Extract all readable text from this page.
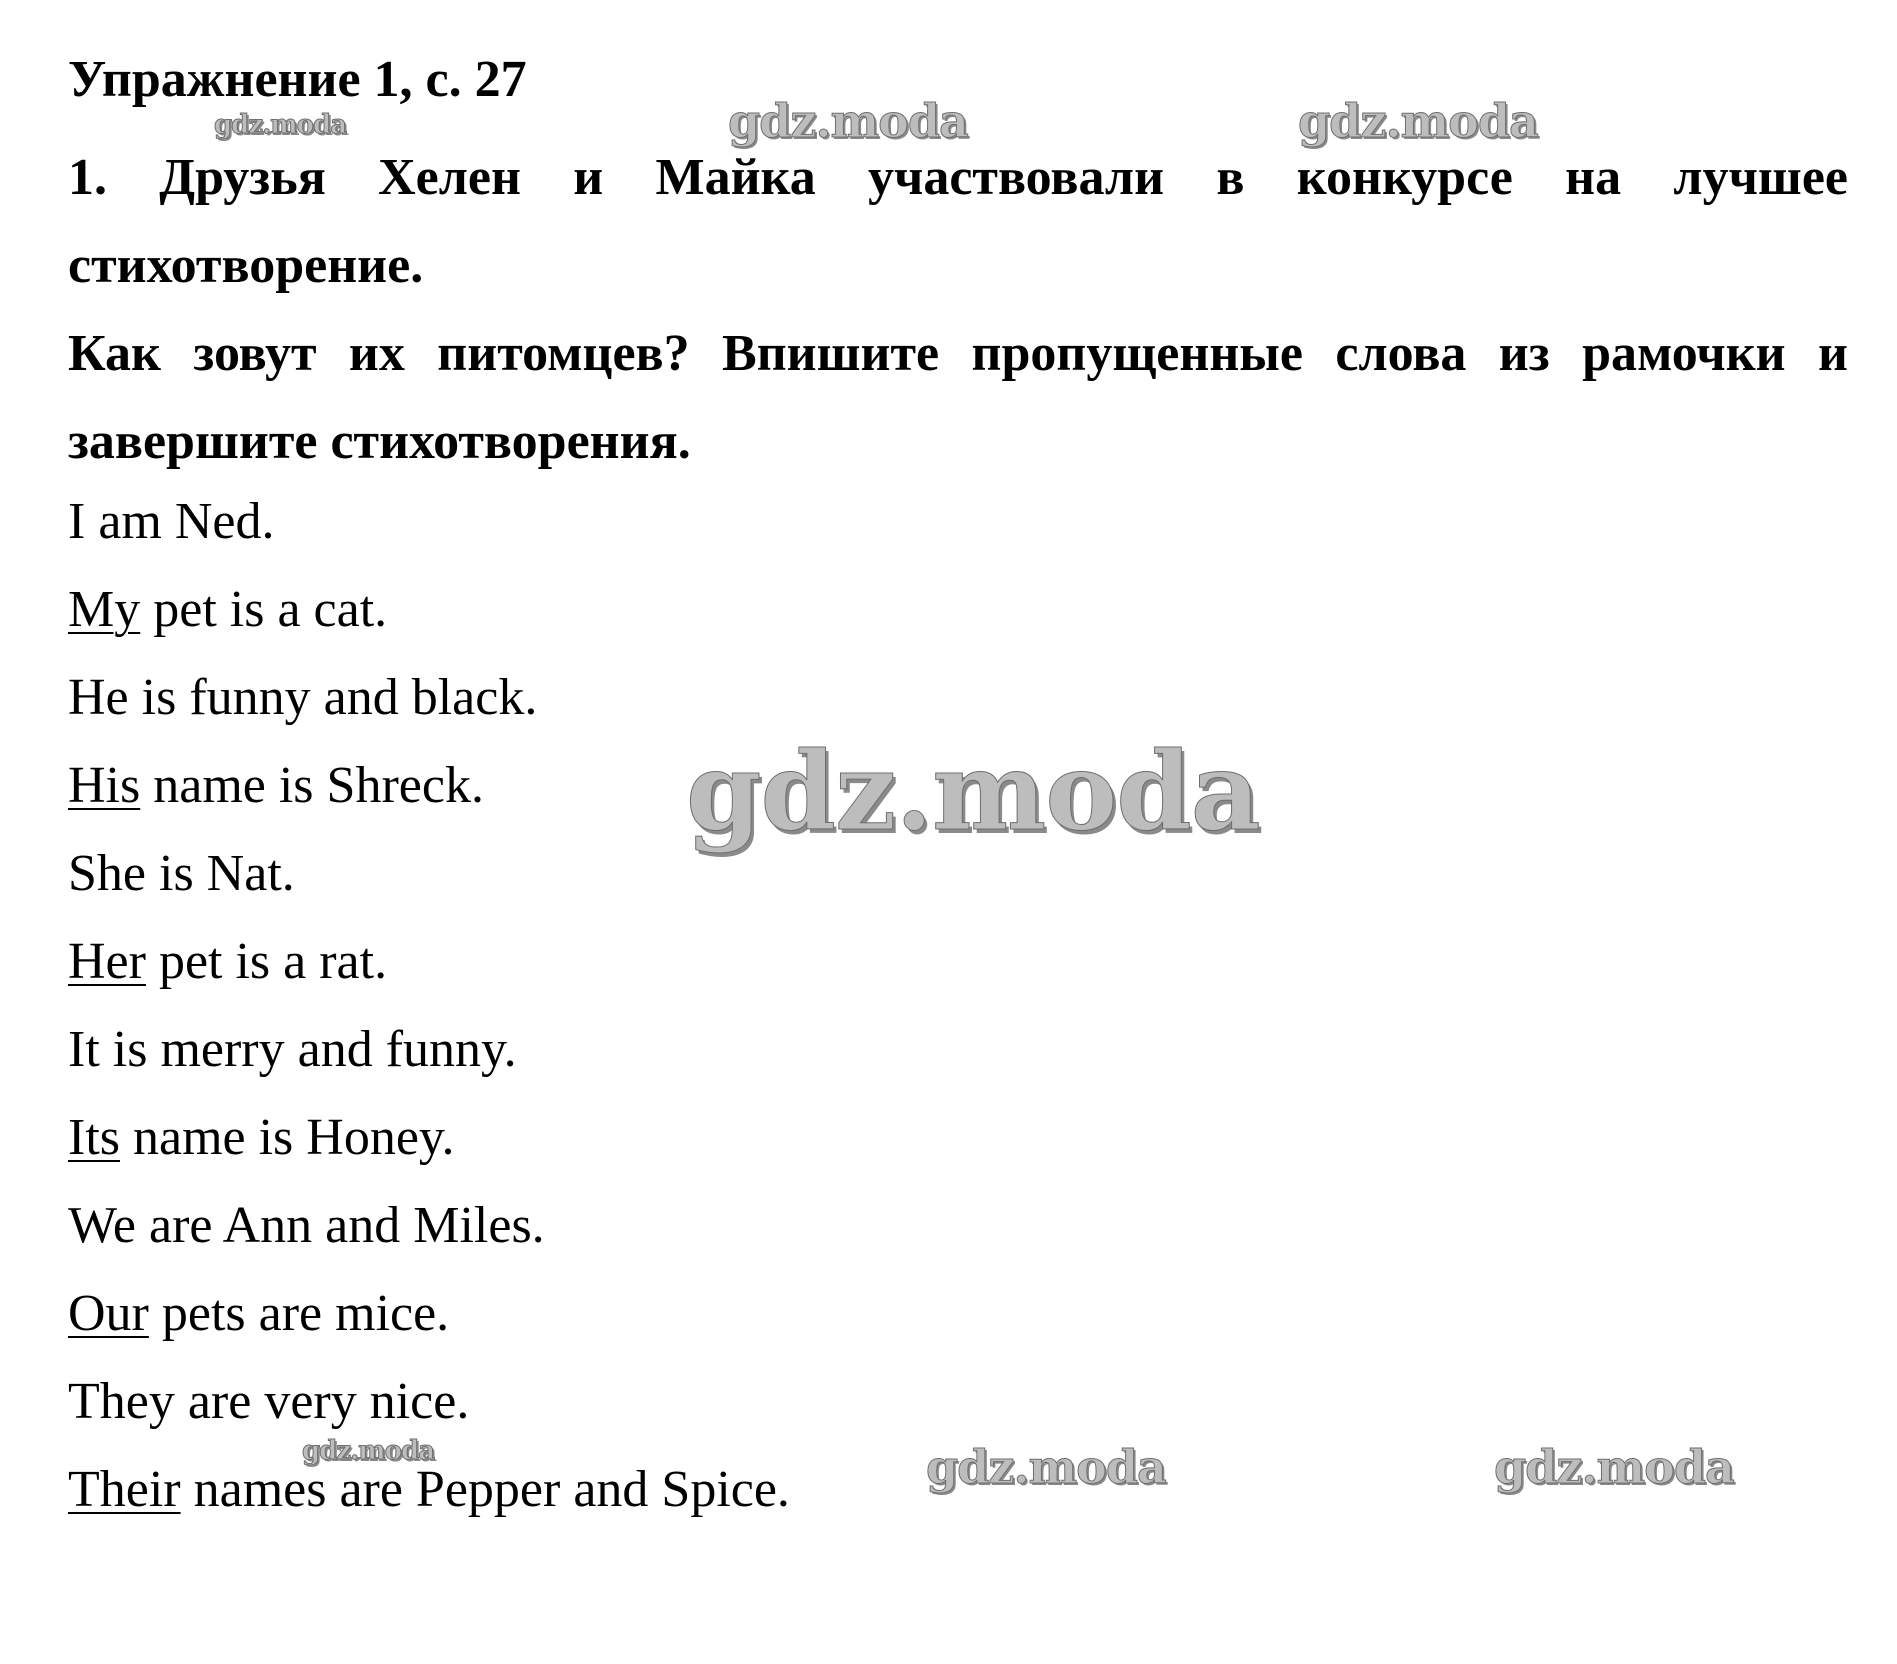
Упражнение 1, с. 27

1. Друзья Хелен и Майка участвовали в конкурсе на лучшее стихотворение.

Как зовут их питомцев? Впишите пропущенные слова из рамочки и завершите стихотворения.

I am Ned.
My pet is a cat.
He is funny and black.
His name is Shreck.
She is Nat.
Her pet is a rat.
It is merry and funny.
Its name is Honey.
We are Ann and Miles.
Our pets are mice.
They are very nice.
Their names are Pepper and Spice.
gdz.moda	gdz.moda	gdz.moda
gdz.moda
gdz.moda	gdz.moda	gdz.moda
